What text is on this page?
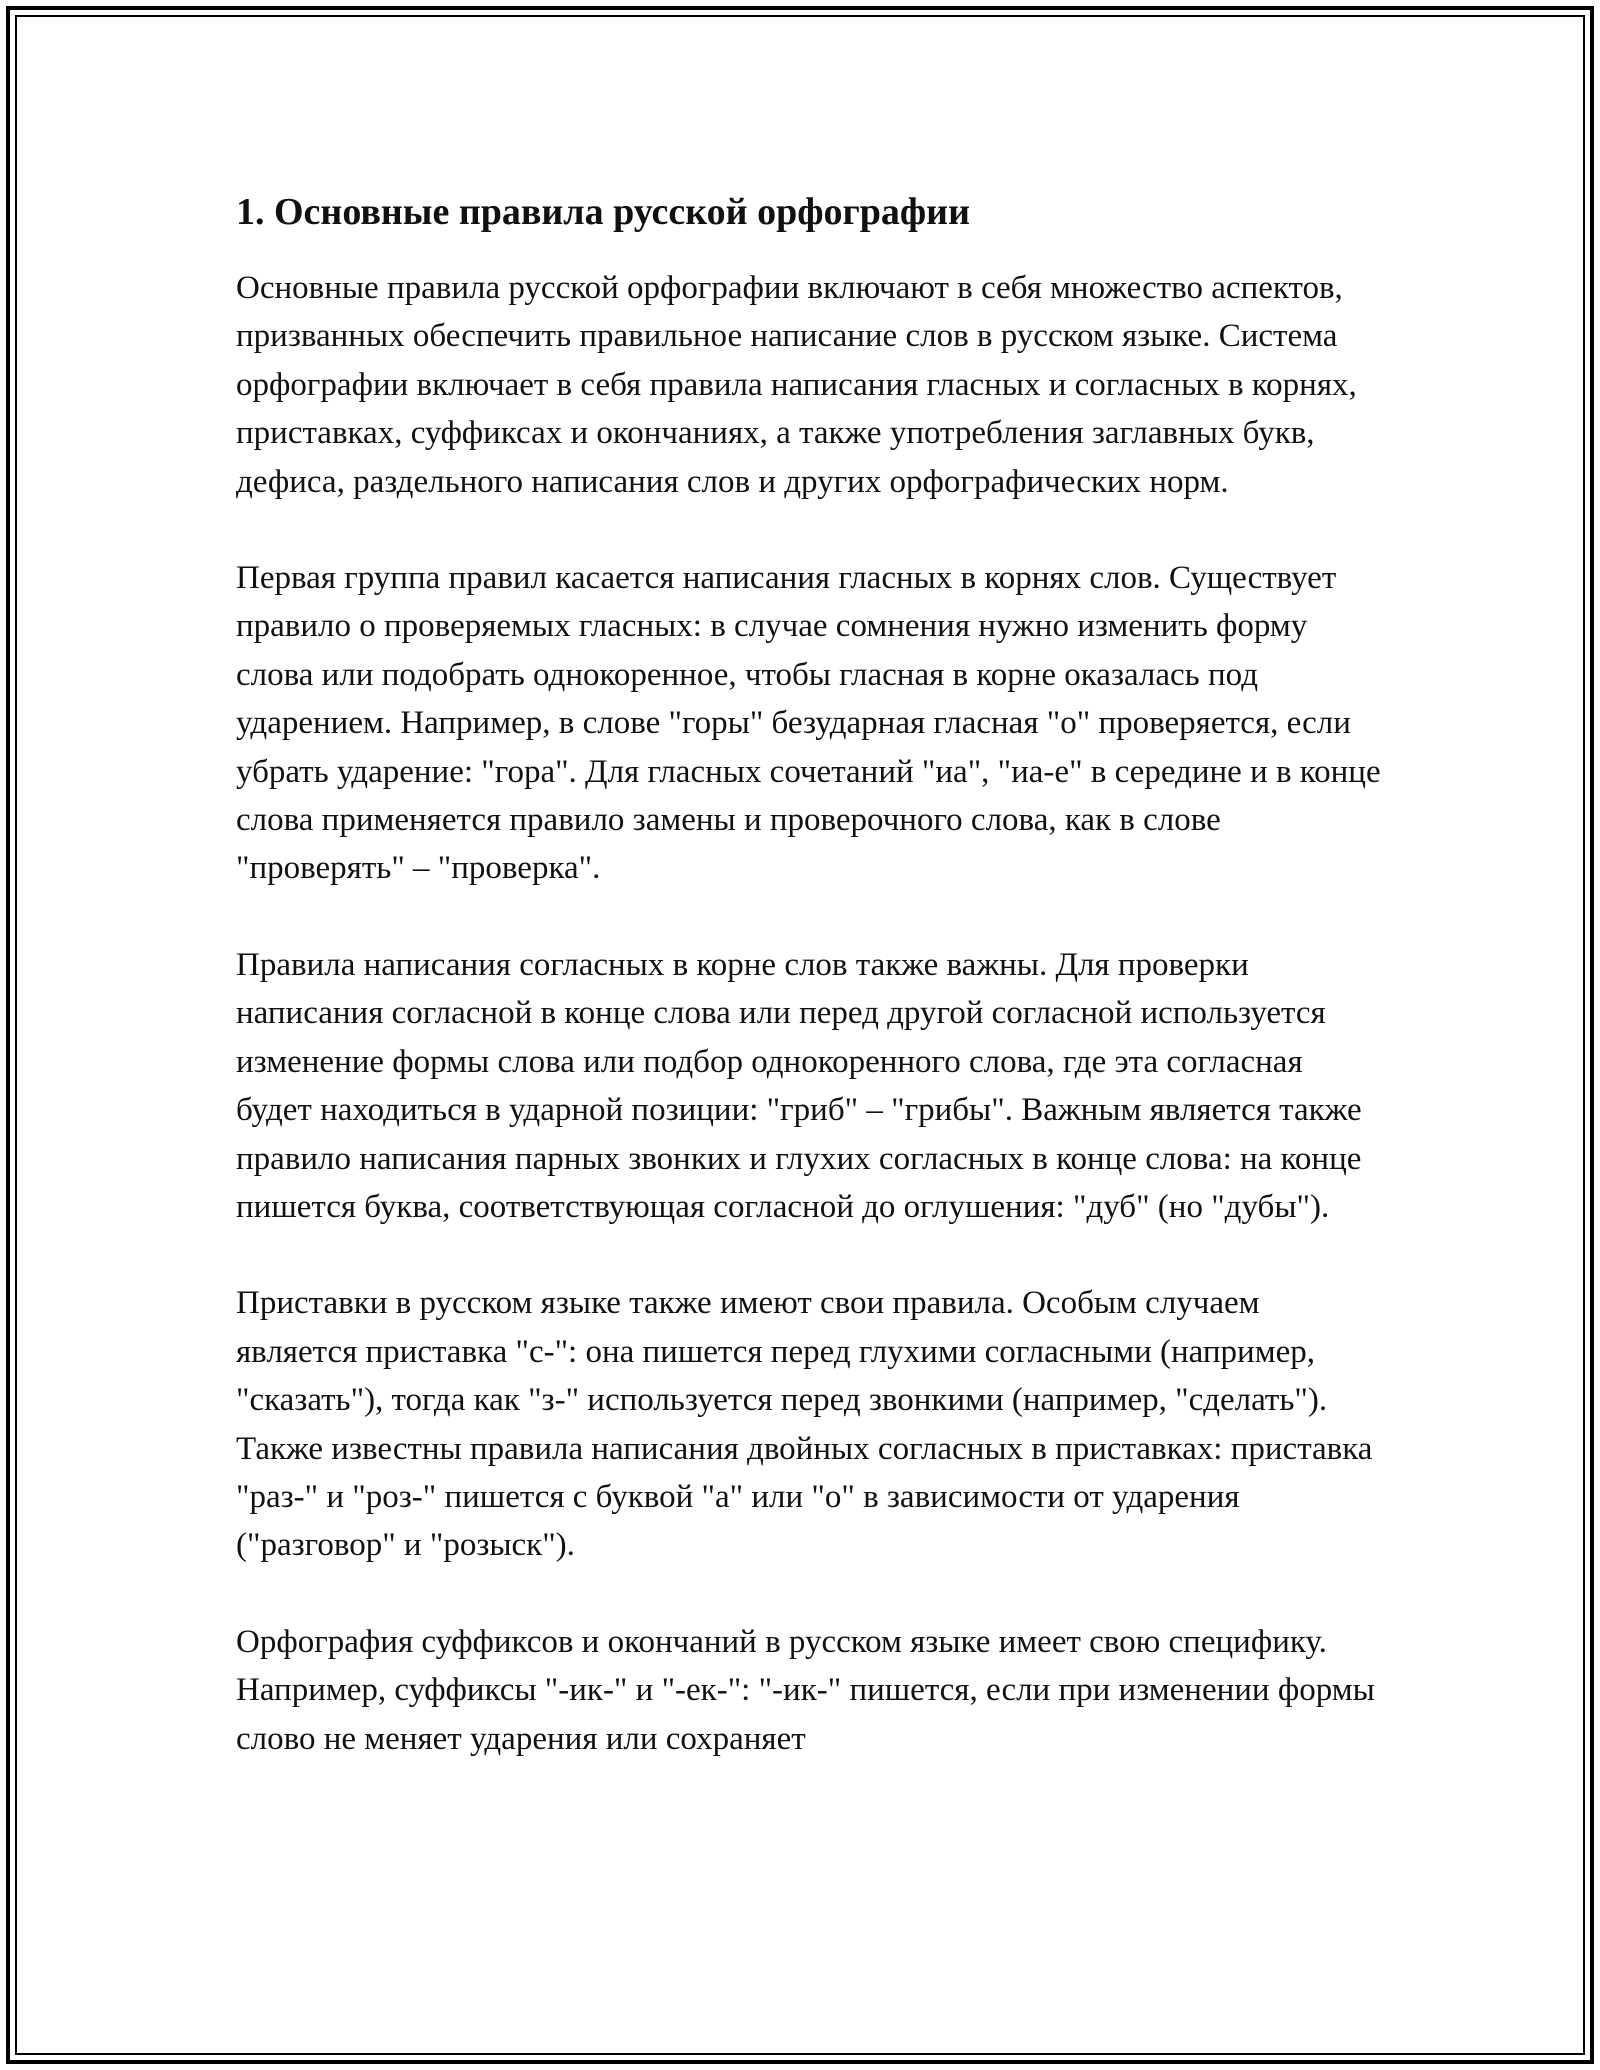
1. Основные правила русской орфографии

Основные правила русской орфографии включают в себя множество аспектов, призванных обеспечить правильное написание слов в русском языке. Система орфографии включает в себя правила написания гласных и согласных в корнях, приставках, суффиксах и окончаниях, а также употребления заглавных букв, дефиса, раздельного написания слов и других орфографических норм.

Первая группа правил касается написания гласных в корнях слов. Существует правило о проверяемых гласных: в случае сомнения нужно изменить форму слова или подобрать однокоренное, чтобы гласная в корне оказалась под ударением. Например, в слове "горы" безударная гласная "о" проверяется, если убрать ударение: "гора". Для гласных сочетаний "иа", "иа-е" в середине и в конце слова применяется правило замены и проверочного слова, как в слове "проверять" – "проверка".

Правила написания согласных в корне слов также важны. Для проверки написания согласной в конце слова или перед другой согласной используется изменение формы слова или подбор однокоренного слова, где эта согласная будет находиться в ударной позиции: "гриб" – "грибы". Важным является также правило написания парных звонких и глухих согласных в конце слова: на конце пишется буква, соответствующая согласной до оглушения: "дуб" (но "дубы").

Приставки в русском языке также имеют свои правила. Особым случаем является приставка "с-": она пишется перед глухими согласными (например, "сказать"), тогда как "з-" используется перед звонкими (например, "сделать"). Также известны правила написания двойных согласных в приставках: приставка "раз-" и "роз-" пишется с буквой "а" или "о" в зависимости от ударения ("разговор" и "розыск").

Орфография суффиксов и окончаний в русском языке имеет свою специфику. Например, суффиксы "-ик-" и "-ек-": "-ик-" пишется, если при изменении формы слово не меняет ударения или сохраняет
